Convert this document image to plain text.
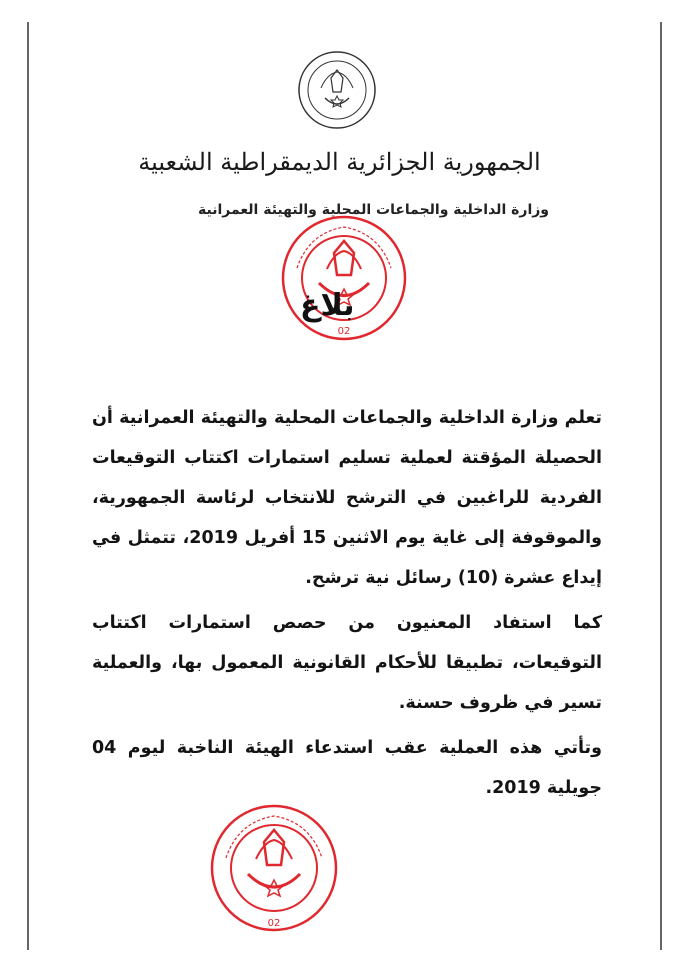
الجمهورية الجزائرية الديمقراطية الشعبية
وزارة الداخلية والجماعات المحلية والتهيئة العمرانية
02
بلاغ
تعلم وزارة الداخلية والجماعات المحلية والتهيئة العمرانية أن الحصيلة المؤقتة لعملية تسليم استمارات اكتتاب التوقيعات الفردية للراغبين في الترشح للانتخاب لرئاسة الجمهورية، والموقوفة إلى غاية يوم الاثنين 15 أفريل 2019، تتمثل في إيداع عشرة (10) رسائل نية ترشح.
كما استفاد المعنيون من حصص استمارات اكتتاب التوقيعات، تطبيقا للأحكام القانونية المعمول بها، والعملية تسير في ظروف حسنة.
وتأتي هذه العملية عقب استدعاء الهيئة الناخبة ليوم 04 جويلية 2019.
02
